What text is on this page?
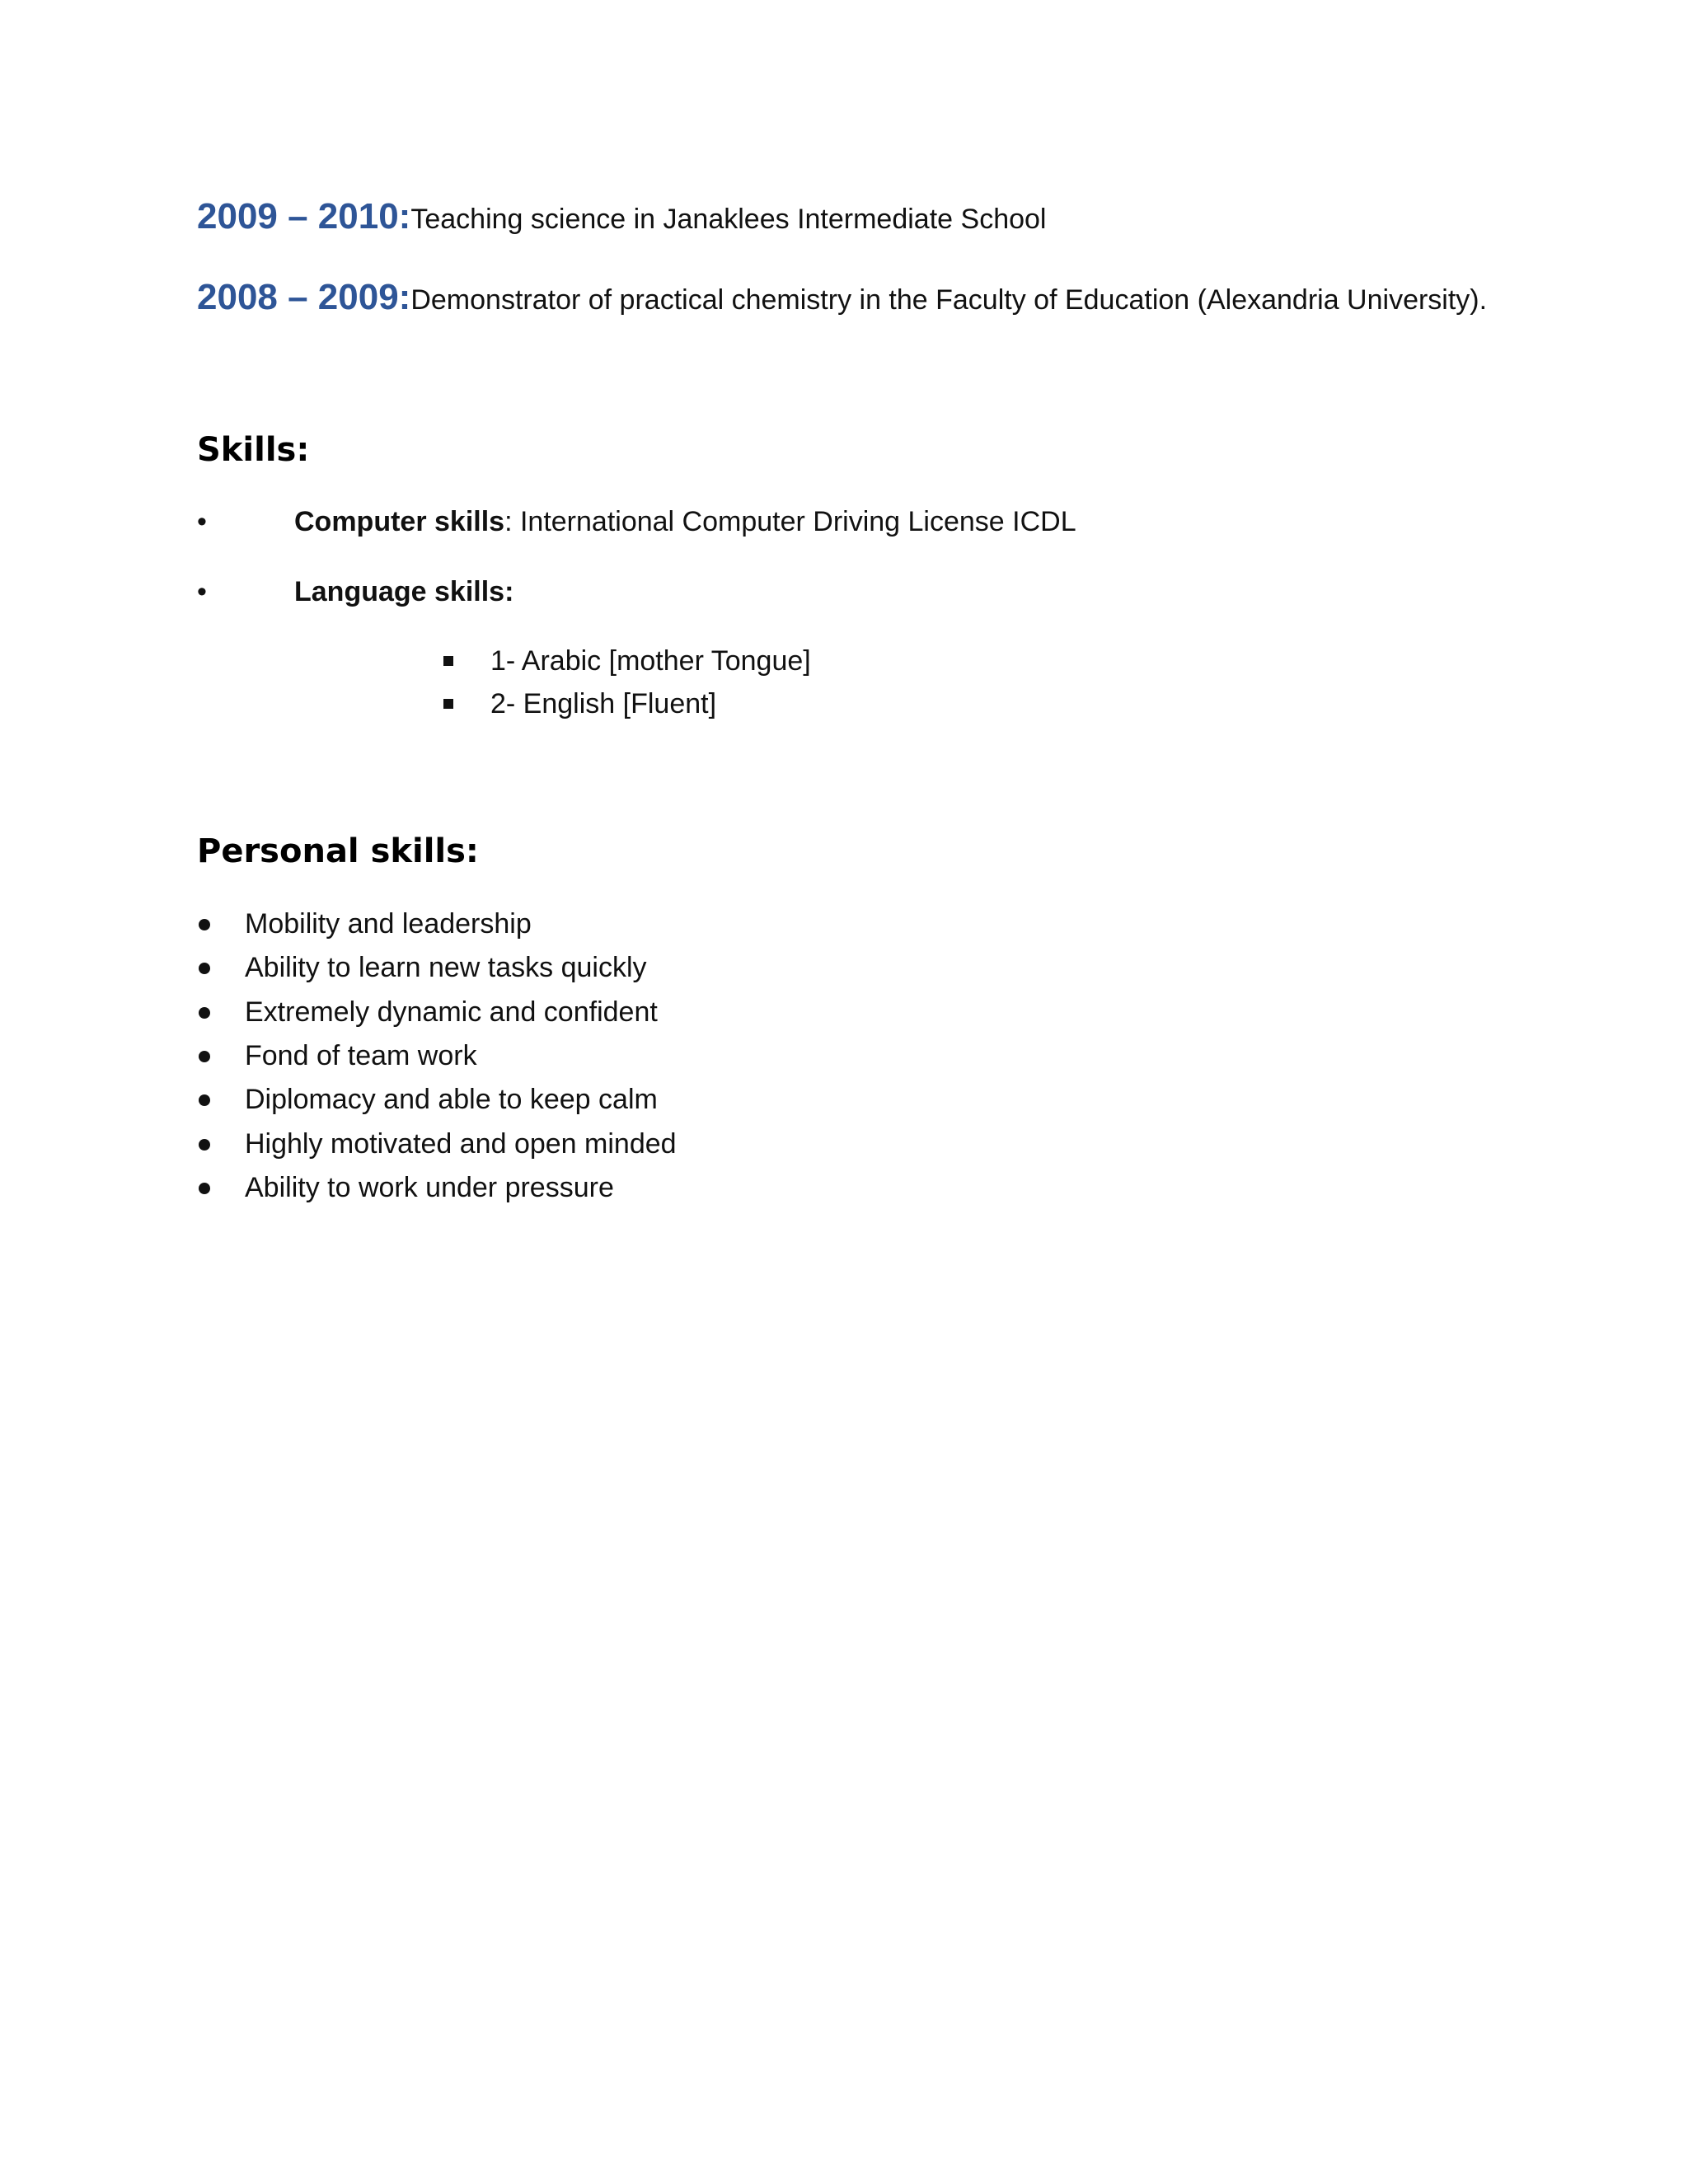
2009 – 2010:Teaching science in Janaklees Intermediate School
2008 – 2009:Demonstrator of practical chemistry in the Faculty of Education (Alexandria University).
Skills:
•	Computer skills: International Computer Driving License ICDL
•	Language skills:
1- Arabic [mother Tongue]
2- English [Fluent]
Personal skills:
Mobility and leadership
Ability to learn new tasks quickly
Extremely dynamic and confident
Fond of team work
Diplomacy and able to keep calm
Highly motivated and open minded
Ability to work under pressure
